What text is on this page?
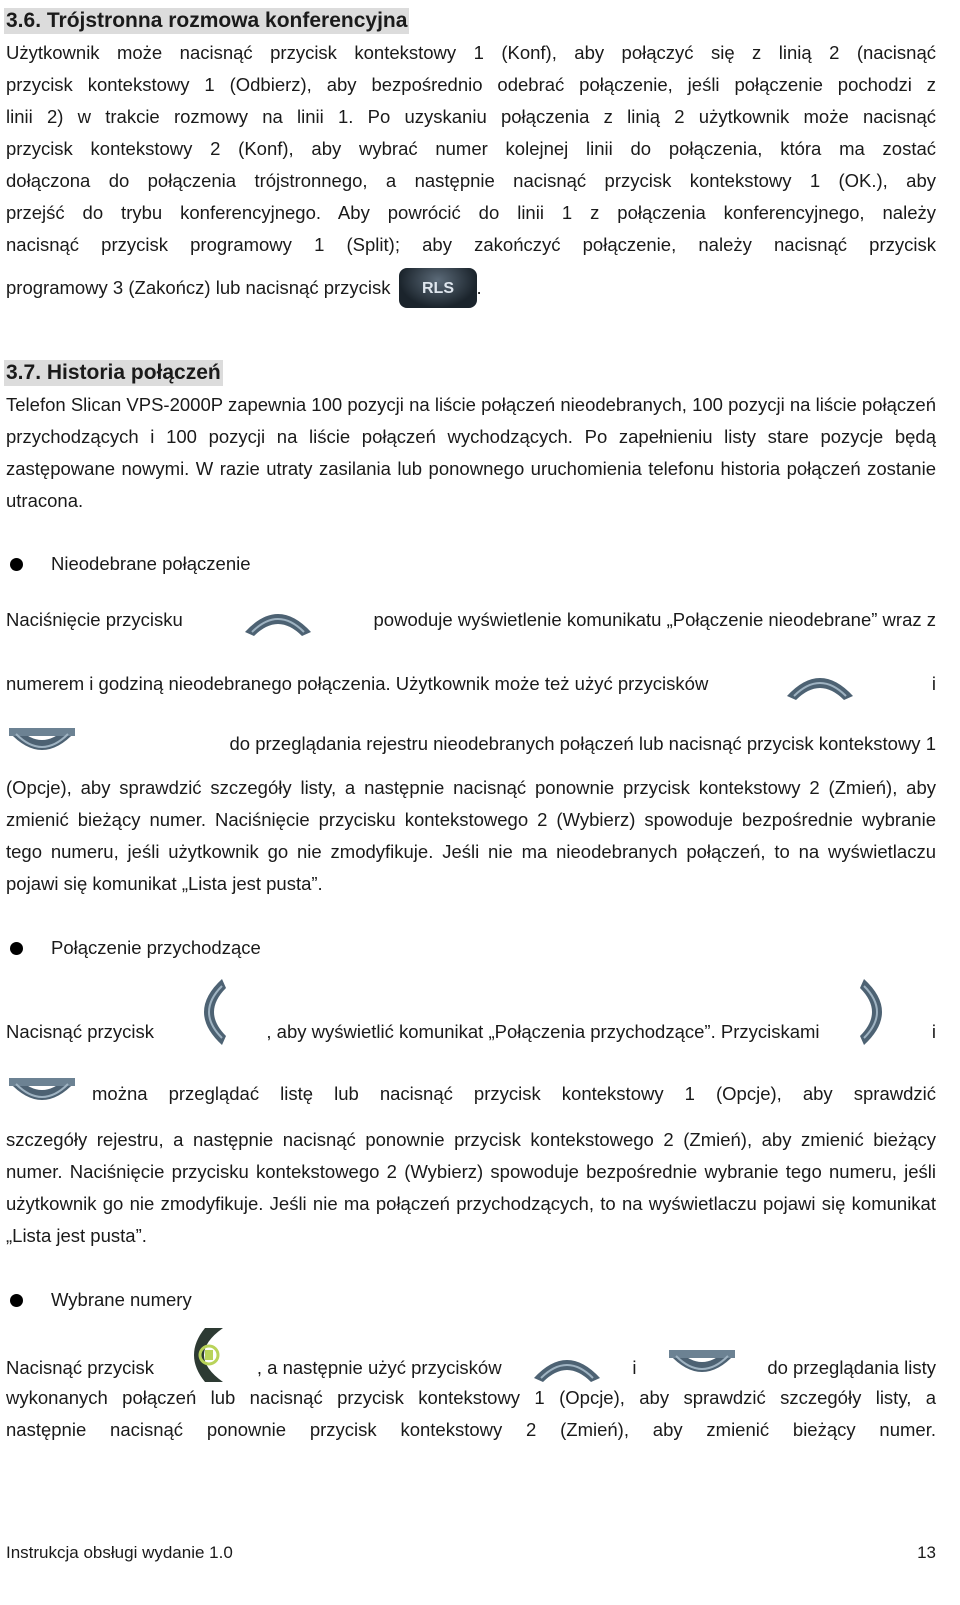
3.6. Trójstronna rozmowa konferencyjna
Użytkownik może nacisnąć przycisk kontekstowy 1 (Konf), aby połączyć się z linią 2 (nacisnąć
przycisk kontekstowy 1 (Odbierz), aby bezpośrednio odebrać połączenie, jeśli połączenie pochodzi z
linii 2) w trakcie rozmowy na linii 1. Po uzyskaniu połączenia z linią 2 użytkownik może nacisnąć
przycisk kontekstowy 2 (Konf), aby wybrać numer kolejnej linii do połączenia, która ma zostać
dołączona do połączenia trójstronnego, a następnie nacisnąć przycisk kontekstowy 1 (OK.), aby
przejść do trybu konferencyjnego. Aby powrócić do linii 1 z połączenia konferencyjnego, należy
nacisnąć przycisk programowy 1 (Split); aby zakończyć połączenie, należy nacisnąć przycisk
programowy 3 (Zakończ) lub nacisnąć przycisk RLS .
3.7. Historia połączeń
Telefon Slican VPS-2000P zapewnia 100 pozycji na liście połączeń nieodebranych, 100 pozycji na liście połączeń przychodzących i 100 pozycji na liście połączeń wychodzących. Po zapełnieniu listy stare pozycje będą zastępowane nowymi. W razie utraty zasilania lub ponownego uruchomienia telefonu historia połączeń zostanie utracona.
Nieodebrane połączenie
Naciśnięcie przycisku	powoduje wyświetlenie komunikatu „Połączenie nieodebrane” wraz z
numerem i godziną nieodebranego połączenia. Użytkownik może też użyć przycisków	i
do przeglądania rejestru nieodebranych połączeń lub nacisnąć przycisk kontekstowy 1
(Opcje), aby sprawdzić szczegóły listy, a następnie nacisnąć ponownie przycisk kontekstowy 2 (Zmień), aby zmienić bieżący numer. Naciśnięcie przycisku kontekstowego 2 (Wybierz) spowoduje bezpośrednie wybranie tego numeru, jeśli użytkownik go nie zmodyfikuje. Jeśli nie ma nieodebranych połączeń, to na wyświetlaczu pojawi się komunikat „Lista jest pusta”.
Połączenie przychodzące
Nacisnąć przycisk	, aby wyświetlić komunikat „Połączenia przychodzące”. Przyciskami	i
można przeglądać listę lub nacisnąć przycisk kontekstowy 1 (Opcje), aby sprawdzić
szczegóły rejestru, a następnie nacisnąć ponownie przycisk kontekstowego 2 (Zmień), aby zmienić bieżący numer. Naciśnięcie przycisku kontekstowego 2 (Wybierz) spowoduje bezpośrednie wybranie tego numeru, jeśli użytkownik go nie zmodyfikuje. Jeśli nie ma połączeń przychodzących, to na wyświetlaczu pojawi się komunikat „Lista jest pusta”.
Wybrane numery
Nacisnąć przycisk	, a następnie użyć przycisków	i	do przeglądania listy
wykonanych połączeń lub nacisnąć przycisk kontekstowy 1 (Opcje), aby sprawdzić szczegóły listy, a
następnie nacisnąć ponownie przycisk kontekstowy 2 (Zmień), aby zmienić bieżący numer.
Instrukcja obsługi wydanie 1.0	13
